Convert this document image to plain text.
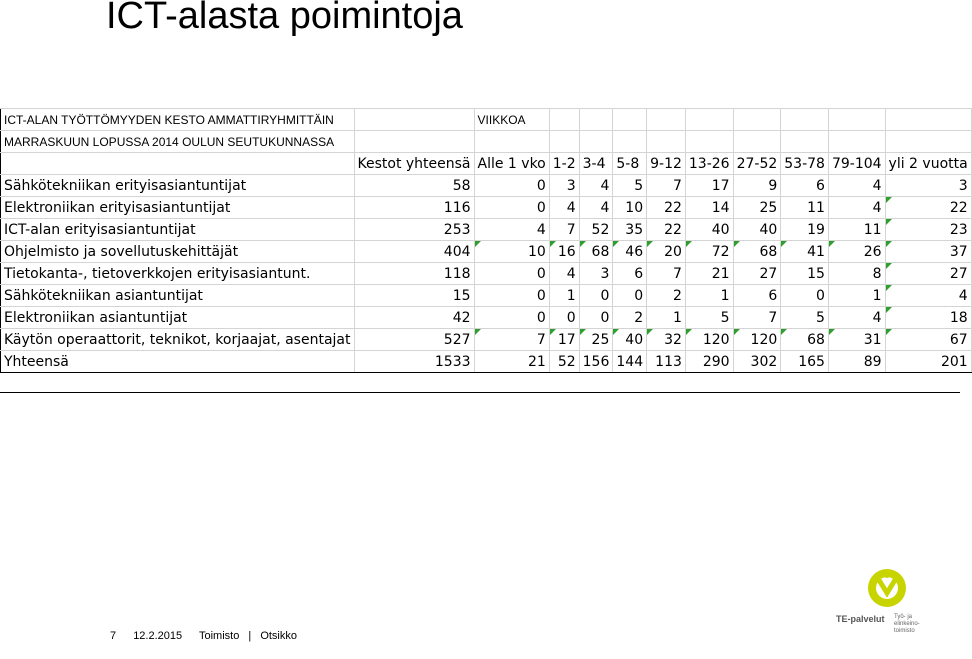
ICT-alasta poimintoja
ICT-ALAN TYÖTTÖMYYDEN KESTO AMMATTIRYHMITTÄIN		VIIKKOA									
MARRASKUUN LOPUSSA 2014 OULUN SEUTUKUNNASSA											
	Kestot yhteensä	Alle 1 vko	1-2	3-4	5-8	9-12	13-26	27-52	53-78	79-104	yli 2 vuotta
Sähkötekniikan erityisasiantuntijat	58	0	3	4	5	7	17	9	6	4	3
Elektroniikan erityisasiantuntijat	116	0	4	4	10	22	14	25	11	4	22
ICT-alan erityisasiantuntijat	253	4	7	52	35	22	40	40	19	11	23
Ohjelmisto ja sovellutuskehittäjät	404	10	16	68	46	20	72	68	41	26	37
Tietokanta-, tietoverkkojen erityisasiantunt.	118	0	4	3	6	7	21	27	15	8	27
Sähkötekniikan asiantuntijat	15	0	1	0	0	2	1	6	0	1	4
Elektroniikan asiantuntijat	42	0	0	0	2	1	5	7	5	4	18
Käytön operaattorit, teknikot, korjaajat, asentajat	527	7	17	25	40	32	120	120	68	31	67
Yhteensä	1533	21	52	156	144	113	290	302	165	89	201
7 12.2.2015 Toimisto | Otsikko
TE-palvelut Työ- ja
elinkeino-
toimisto
